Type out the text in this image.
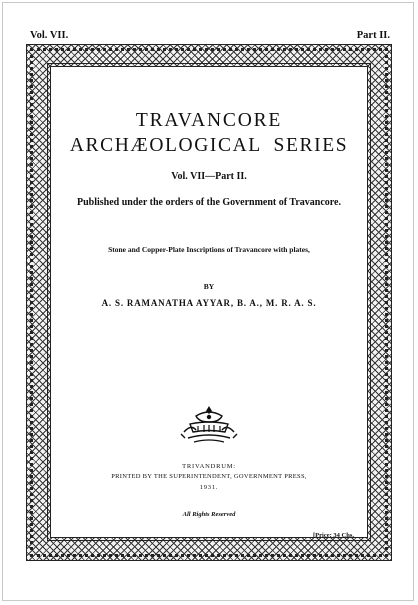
Vol. VII.	Part II.
TRAVANCORE
ARCHÆOLOGICAL SERIES
Vol. VII—Part II.
Published under the orders of the Government of Travancore.
Stone and Copper-Plate Inscriptions of Travancore with plates,
BY
A. S. RAMANATHA AYYAR, B. A., M. R. A. S.
TRIVANDRUM:
PRINTED BY THE SUPERINTENDENT, GOVERNMENT PRESS,
1931.
All Rights Reserved
[Price: 34 Chs.
